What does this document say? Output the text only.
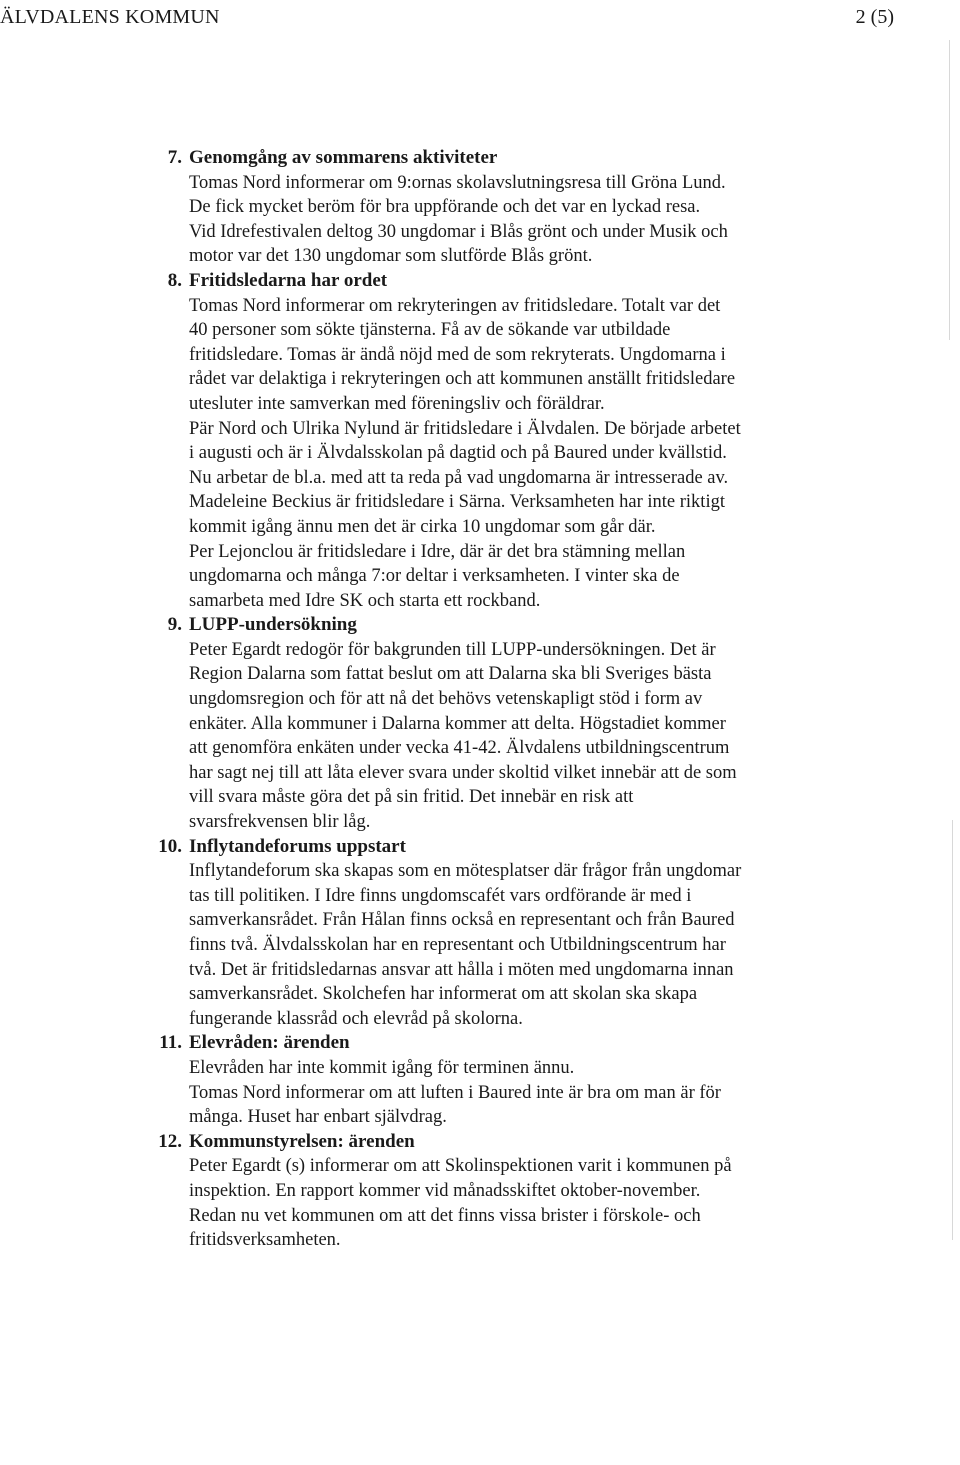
ÄLVDALENS KOMMUN	2 (5)
7. Genomgång av sommarens aktiviteter

Tomas Nord informerar om 9:ornas skolavslutningsresa till Gröna Lund.
De fick mycket beröm för bra uppförande och det var en lyckad resa.
Vid Idrefestivalen deltog 30 ungdomar i Blås grönt och under Musik och
motor var det 130 ungdomar som slutförde Blås grönt.

8. Fritidsledarna har ordet

Tomas Nord informerar om rekryteringen av fritidsledare. Totalt var det
40 personer som sökte tjänsterna. Få av de sökande var utbildade
fritidsledare. Tomas är ändå nöjd med de som rekryterats. Ungdomarna i
rådet var delaktiga i rekryteringen och att kommunen anställt fritidsledare
utesluter inte samverkan med föreningsliv och föräldrar.

Pär Nord och Ulrika Nylund är fritidsledare i Älvdalen. De började arbetet
i augusti och är i Älvdalsskolan på dagtid och på Baured under kvällstid.
Nu arbetar de bl.a. med att ta reda på vad ungdomarna är intresserade av.

Madeleine Beckius är fritidsledare i Särna. Verksamheten har inte riktigt
kommit igång ännu men det är cirka 10 ungdomar som går där.

Per Lejonclou är fritidsledare i Idre, där är det bra stämning mellan
ungdomarna och många 7:or deltar i verksamheten. I vinter ska de
samarbeta med Idre SK och starta ett rockband.

9. LUPP-undersökning

Peter Egardt redogör för bakgrunden till LUPP-undersökningen. Det är
Region Dalarna som fattat beslut om att Dalarna ska bli Sveriges bästa
ungdomsregion och för att nå det behövs vetenskapligt stöd i form av
enkäter. Alla kommuner i Dalarna kommer att delta. Högstadiet kommer
att genomföra enkäten under vecka 41-42. Älvdalens utbildningscentrum
har sagt nej till att låta elever svara under skoltid vilket innebär att de som
vill svara måste göra det på sin fritid. Det innebär en risk att
svarsfrekvensen blir låg.

10. Inflytandeforums uppstart

Inflytandeforum ska skapas som en mötesplatser där frågor från ungdomar
tas till politiken. I Idre finns ungdomscafét vars ordförande är med i
samverkansrådet. Från Hålan finns också en representant och från Baured
finns två. Älvdalsskolan har en representant och Utbildningscentrum har
två. Det är fritidsledarnas ansvar att hålla i möten med ungdomarna innan
samverkansrådet. Skolchefen har informerat om att skolan ska skapa
fungerande klassråd och elevråd på skolorna.

11. Elevråden: ärenden

Elevråden har inte kommit igång för terminen ännu.

Tomas Nord informerar om att luften i Baured inte är bra om man är för
många. Huset har enbart självdrag.

12. Kommunstyrelsen: ärenden

Peter Egardt (s) informerar om att Skolinspektionen varit i kommunen på
inspektion. En rapport kommer vid månadsskiftet oktober-november.

Redan nu vet kommunen om att det finns vissa brister i förskole- och
fritidsverksamheten.
